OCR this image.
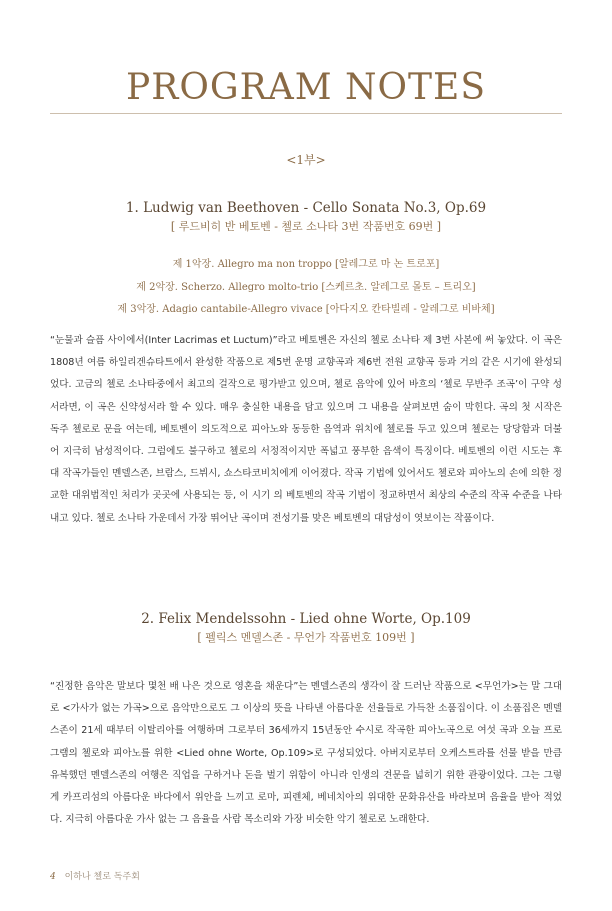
PROGRAM NOTES
<1부>
1. Ludwig van Beethoven - Cello Sonata No.3, Op.69
[ 루드비히 반 베토벤 - 첼로 소나타 3번 작품번호 69번 ]
제 1악장. Allegro ma non troppo [알레그로 마 논 트로포]
제 2악장. Scherzo. Allegro molto-trio [스케르초. 알레그로 몰토 – 트리오]
제 3악장. Adagio cantabile-Allegro vivace [아다지오 칸타빌레 - 알레그로 비바체]

“눈물과 슬픔 사이에서(Inter Lacrimas et Luctum)”라고 베토벤은 자신의 첼로 소나타 제 3번 사본에 써 놓았다. 이 곡은 1808년 여름 하일리겐슈타트에서 완성한 작품으로 제5번 운명 교향곡과 제6번 전원 교향곡 등과 거의 같은 시기에 완성되었다. 고금의 첼로 소나타중에서 최고의 걸작으로 평가받고 있으며, 첼로 음악에 있어 바흐의 ‘첼로 무반주 조곡’이 구약 성서라면, 이 곡은 신약성서라 할 수 있다. 매우 충실한 내용을 담고 있으며 그 내용을 살펴보면 숨이 막힌다. 곡의 첫 시작은 독주 첼로로 문을 여는데, 베토벤이 의도적으로 피아노와 동등한 음역과 위치에 첼로를 두고 있으며 첼로는 당당함과 더불어 지극히 남성적이다. 그럼에도 불구하고 첼로의 서정적이지만 폭넓고 풍부한 음색이 특징이다. 베토벤의 이런 시도는 후대 작곡가들인 멘델스존, 브람스, 드뷔시, 쇼스타코비치에게 이어졌다. 작곡 기법에 있어서도 첼로와 피아노의 손에 의한 정교한 대위법적인 처리가 곳곳에 사용되는 등, 이 시기 의 베토벤의 작곡 기법이 정교하면서 최상의 수준의 작곡 수준을 나타내고 있다. 첼로 소나타 가운데서 가장 뛰어난 곡이며 전성기를 맞은 베토벤의 대담성이 엿보이는 작품이다.

2. Felix Mendelssohn - Lied ohne Worte, Op.109
[ 펠릭스 멘델스존 - 무언가 작품번호 109번 ]

“진정한 음악은 말보다 몇천 배 나은 것으로 영혼을 채운다”는 멘델스존의 생각이 잘 드러난 작품으로 <무언가>는 말 그대로 <가사가 없는 가곡>으로 음악만으로도 그 이상의 뜻을 나타낸 아름다운 선율들로 가득찬 소품집이다. 이 소품집은 멘델스존이 21세 때부터 이탈리아를 여행하며 그로부터 36세까지 15년동안 수시로 작곡한 피아노곡으로 여섯 곡과 오늘 프로그램의 첼로와 피아노를 위한 <Lied ohne Worte, Op.109>로 구성되었다. 아버지로부터 오케스트라를 선물 받을 만큼 유복했던 멘델스존의 여행은 직업을 구하거나 돈을 벌기 위함이 아니라 인생의 견문을 넓히기 위한 관광이었다. 그는 그렇게 카프리섬의 아름다운 바다에서 위안을 느끼고 로마, 피렌체, 베네치아의 위대한 문화유산을 바라보며 음율을 받아 적었다. 지극히 아름다운 가사 없는 그 음율을 사람 목소리와 가장 비슷한 악기 첼로로 노래한다.

4 이하나 첼로 독주회
